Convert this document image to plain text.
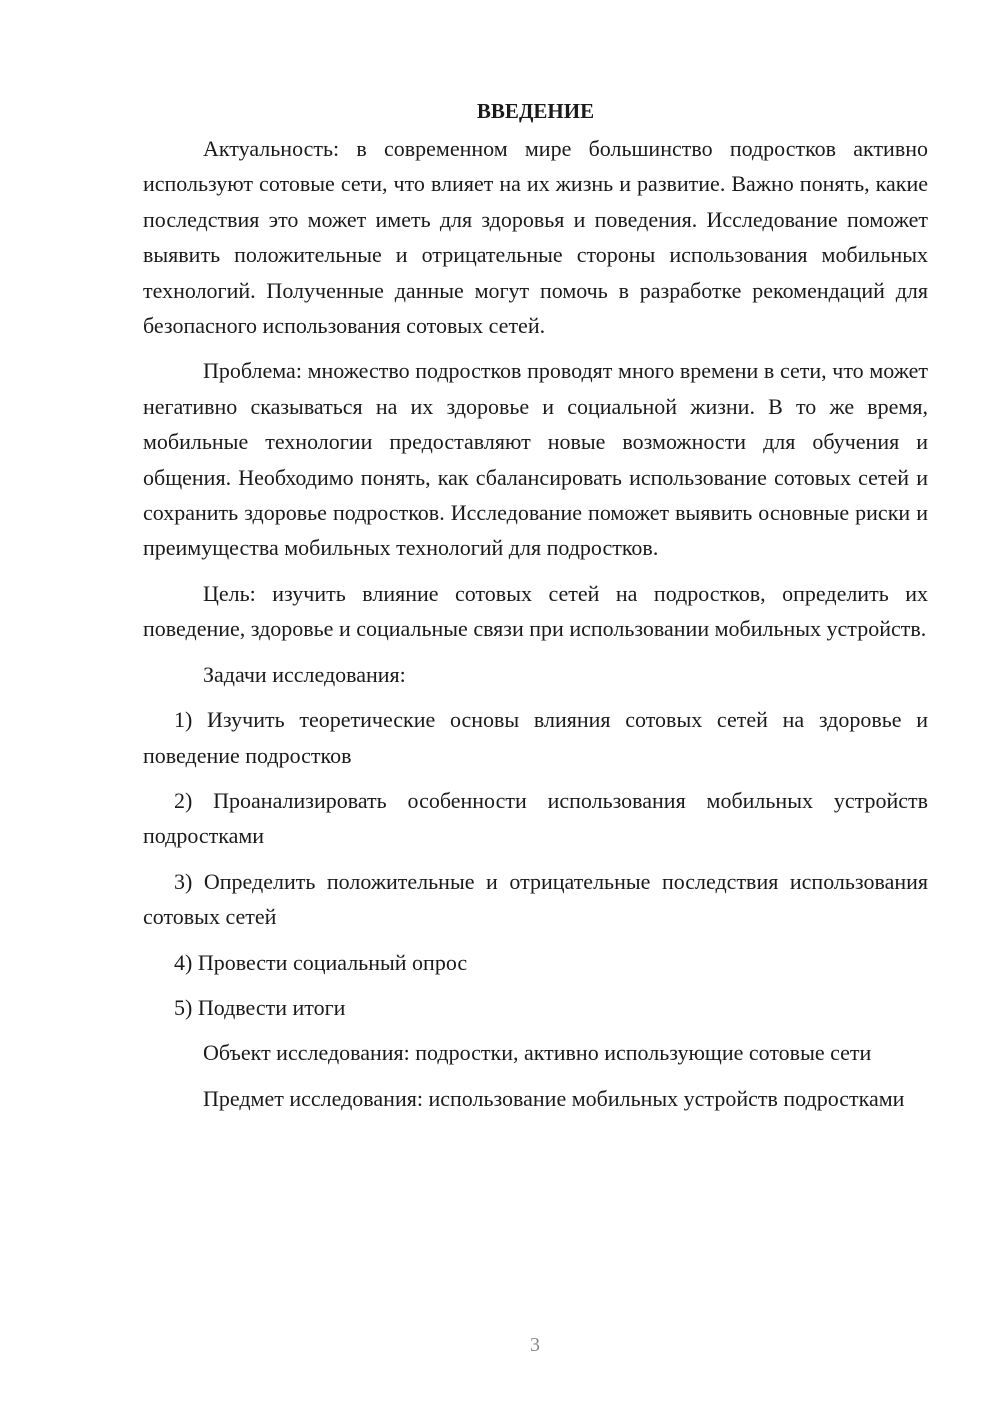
ВВЕДЕНИЕ

Актуальность: в современном мире большинство подростков активно используют сотовые сети, что влияет на их жизнь и развитие. Важно понять, какие последствия это может иметь для здоровья и поведения. Исследование поможет выявить положительные и отрицательные стороны использования мобильных технологий. Полученные данные могут помочь в разработке рекомендаций для безопасного использования сотовых сетей.

Проблема: множество подростков проводят много времени в сети, что может негативно сказываться на их здоровье и социальной жизни. В то же время, мобильные технологии предоставляют новые возможности для обучения и общения. Необходимо понять, как сбалансировать использование сотовых сетей и сохранить здоровье подростков. Исследование поможет выявить основные риски и преимущества мобильных технологий для подростков.

Цель: изучить влияние сотовых сетей на подростков, определить их поведение, здоровье и социальные связи при использовании мобильных устройств.

Задачи исследования:

1) Изучить теоретические основы влияния сотовых сетей на здоровье и поведение подростков

2) Проанализировать особенности использования мобильных устройств подростками

3) Определить положительные и отрицательные последствия использования сотовых сетей

4) Провести социальный опрос

5) Подвести итоги

Объект исследования: подростки, активно использующие сотовые сети

Предмет исследования: использование мобильных устройств подростками

3
